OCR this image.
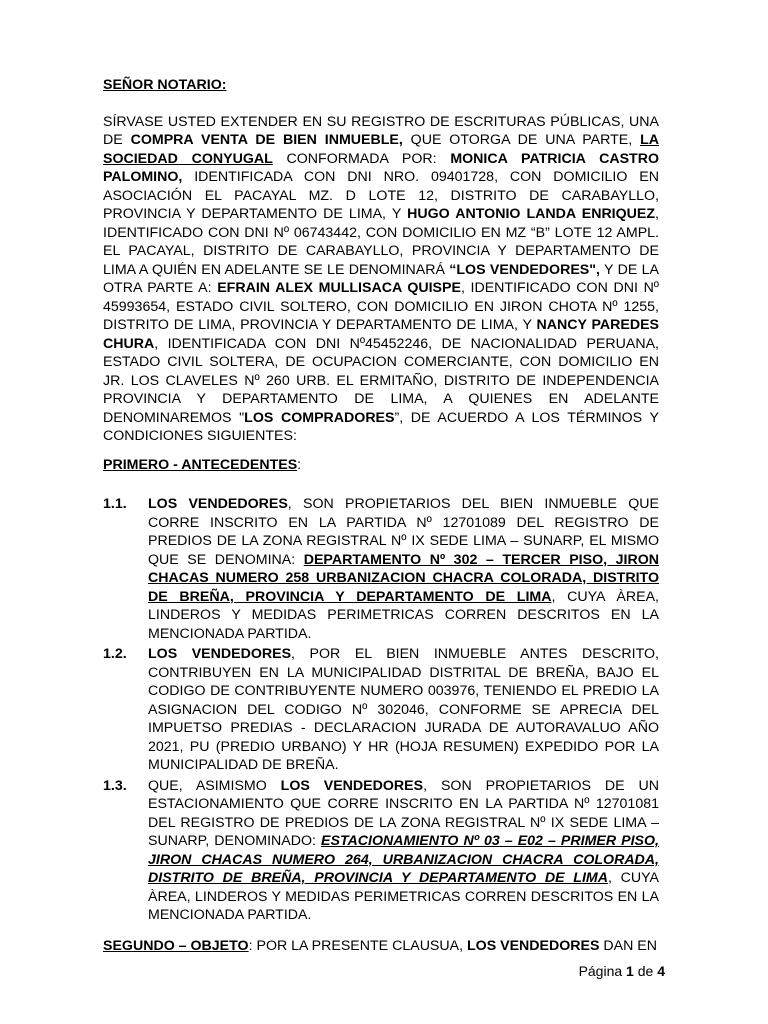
SEÑOR NOTARIO:

SÍRVASE USTED EXTENDER EN SU REGISTRO DE ESCRITURAS PÚBLICAS, UNA DE COMPRA VENTA DE BIEN INMUEBLE, QUE OTORGA DE UNA PARTE, LA SOCIEDAD CONYUGAL CONFORMADA POR: MONICA PATRICIA CASTRO PALOMINO, IDENTIFICADA CON DNI NRO. 09401728, CON DOMICILIO EN ASOCIACIÓN EL PACAYAL MZ. D LOTE 12, DISTRITO DE CARABAYLLO, PROVINCIA Y DEPARTAMENTO DE LIMA, Y HUGO ANTONIO LANDA ENRIQUEZ, IDENTIFICADO CON DNI Nº 06743442, CON DOMICILIO EN MZ “B” LOTE 12 AMPL. EL PACAYAL, DISTRITO DE CARABAYLLO, PROVINCIA Y DEPARTAMENTO DE LIMA A QUIÉN EN ADELANTE SE LE DENOMINARÁ “LOS VENDEDORES", Y DE LA OTRA PARTE A: EFRAIN ALEX MULLISACA QUISPE, IDENTIFICADO CON DNI Nº 45993654, ESTADO CIVIL SOLTERO, CON DOMICILIO EN JIRON CHOTA Nº 1255, DISTRITO DE LIMA, PROVINCIA Y DEPARTAMENTO DE LIMA, Y NANCY PAREDES CHURA, IDENTIFICADA CON DNI Nº45452246, DE NACIONALIDAD PERUANA, ESTADO CIVIL SOLTERA, DE OCUPACION COMERCIANTE, CON DOMICILIO EN JR. LOS CLAVELES Nº 260 URB. EL ERMITAÑO, DISTRITO DE INDEPENDENCIA PROVINCIA Y DEPARTAMENTO DE LIMA, A QUIENES EN ADELANTE DENOMINAREMOS "LOS COMPRADORES”, DE ACUERDO A LOS TÉRMINOS Y CONDICIONES SIGUIENTES:

PRIMERO - ANTECEDENTES:

1.1. LOS VENDEDORES, SON PROPIETARIOS DEL BIEN INMUEBLE QUE CORRE INSCRITO EN LA PARTIDA Nº 12701089 DEL REGISTRO DE PREDIOS DE LA ZONA REGISTRAL Nº IX SEDE LIMA – SUNARP, EL MISMO QUE SE DENOMINA: DEPARTAMENTO Nº 302 – TERCER PISO, JIRON CHACAS NUMERO 258 URBANIZACION CHACRA COLORADA, DISTRITO DE BREÑA, PROVINCIA Y DEPARTAMENTO DE LIMA, CUYA ÀREA, LINDEROS Y MEDIDAS PERIMETRICAS CORREN DESCRITOS EN LA MENCIONADA PARTIDA.

1.2. LOS VENDEDORES, POR EL BIEN INMUEBLE ANTES DESCRITO, CONTRIBUYEN EN LA MUNICIPALIDAD DISTRITAL DE BREÑA, BAJO EL CODIGO DE CONTRIBUYENTE NUMERO 003976, TENIENDO EL PREDIO LA ASIGNACION DEL CODIGO Nº 302046, CONFORME SE APRECIA DEL IMPUETSO PREDIAS - DECLARACION JURADA DE AUTORAVALUO AÑO 2021, PU (PREDIO URBANO) Y HR (HOJA RESUMEN) EXPEDIDO POR LA MUNICIPALIDAD DE BREÑA.

1.3. QUE, ASIMISMO LOS VENDEDORES, SON PROPIETARIOS DE UN ESTACIONAMIENTO QUE CORRE INSCRITO EN LA PARTIDA Nº 12701081 DEL REGISTRO DE PREDIOS DE LA ZONA REGISTRAL Nº IX SEDE LIMA – SUNARP, DENOMINADO: ESTACIONAMIENTO Nº 03 – E02 – PRIMER PISO, JIRON CHACAS NUMERO 264, URBANIZACION CHACRA COLORADA, DISTRITO DE BREÑA, PROVINCIA Y DEPARTAMENTO DE LIMA, CUYA ÀREA, LINDEROS Y MEDIDAS PERIMETRICAS CORREN DESCRITOS EN LA MENCIONADA PARTIDA.

SEGUNDO – OBJETO: POR LA PRESENTE CLAUSUA, LOS VENDEDORES DAN EN

Página 1 de 4
